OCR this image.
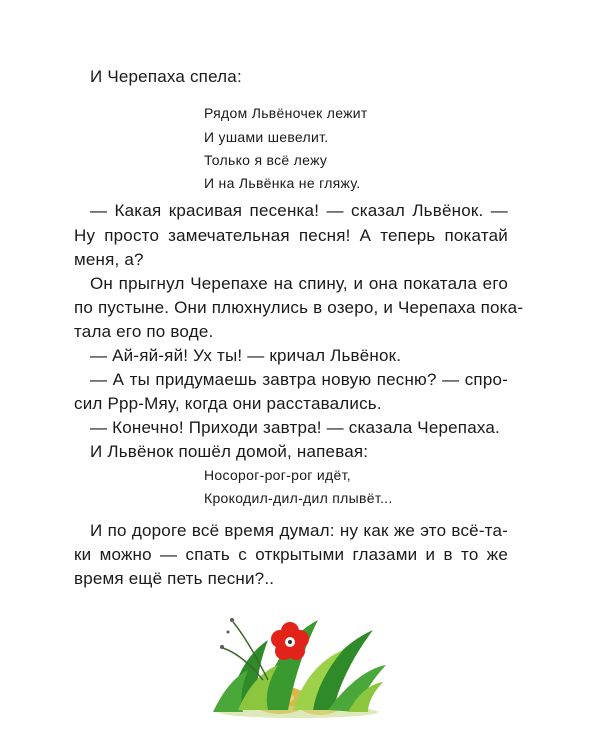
И Черепаха спела:
Рядом Львёночек лежит
И ушами шевелит.
Только я всё лежу
И на Львёнка не гляжу.
— Какая красивая песенка! — сказал Львёнок. —
Ну просто замечательная песня! А теперь покатай
меня, а?
Он прыгнул Черепахе на спину, и она покатала его
по пустыне. Они плюхнулись в озеро, и Черепаха пока-
тала его по воде.
— Ай-яй-яй! Ух ты! — кричал Львёнок.
— А ты придумаешь завтра новую песню? — спро-
сил Ррр-Мяу, когда они расставались.
— Конечно! Приходи завтра! — сказала Черепаха.
И Львёнок пошёл домой, напевая:
Носорог-рог-рог идёт,
Крокодил-дил-дил плывёт...
И по дороге всё время думал: ну как же это всё-та-
ки можно — спать с открытыми глазами и в то же
время ещё петь песни?..
